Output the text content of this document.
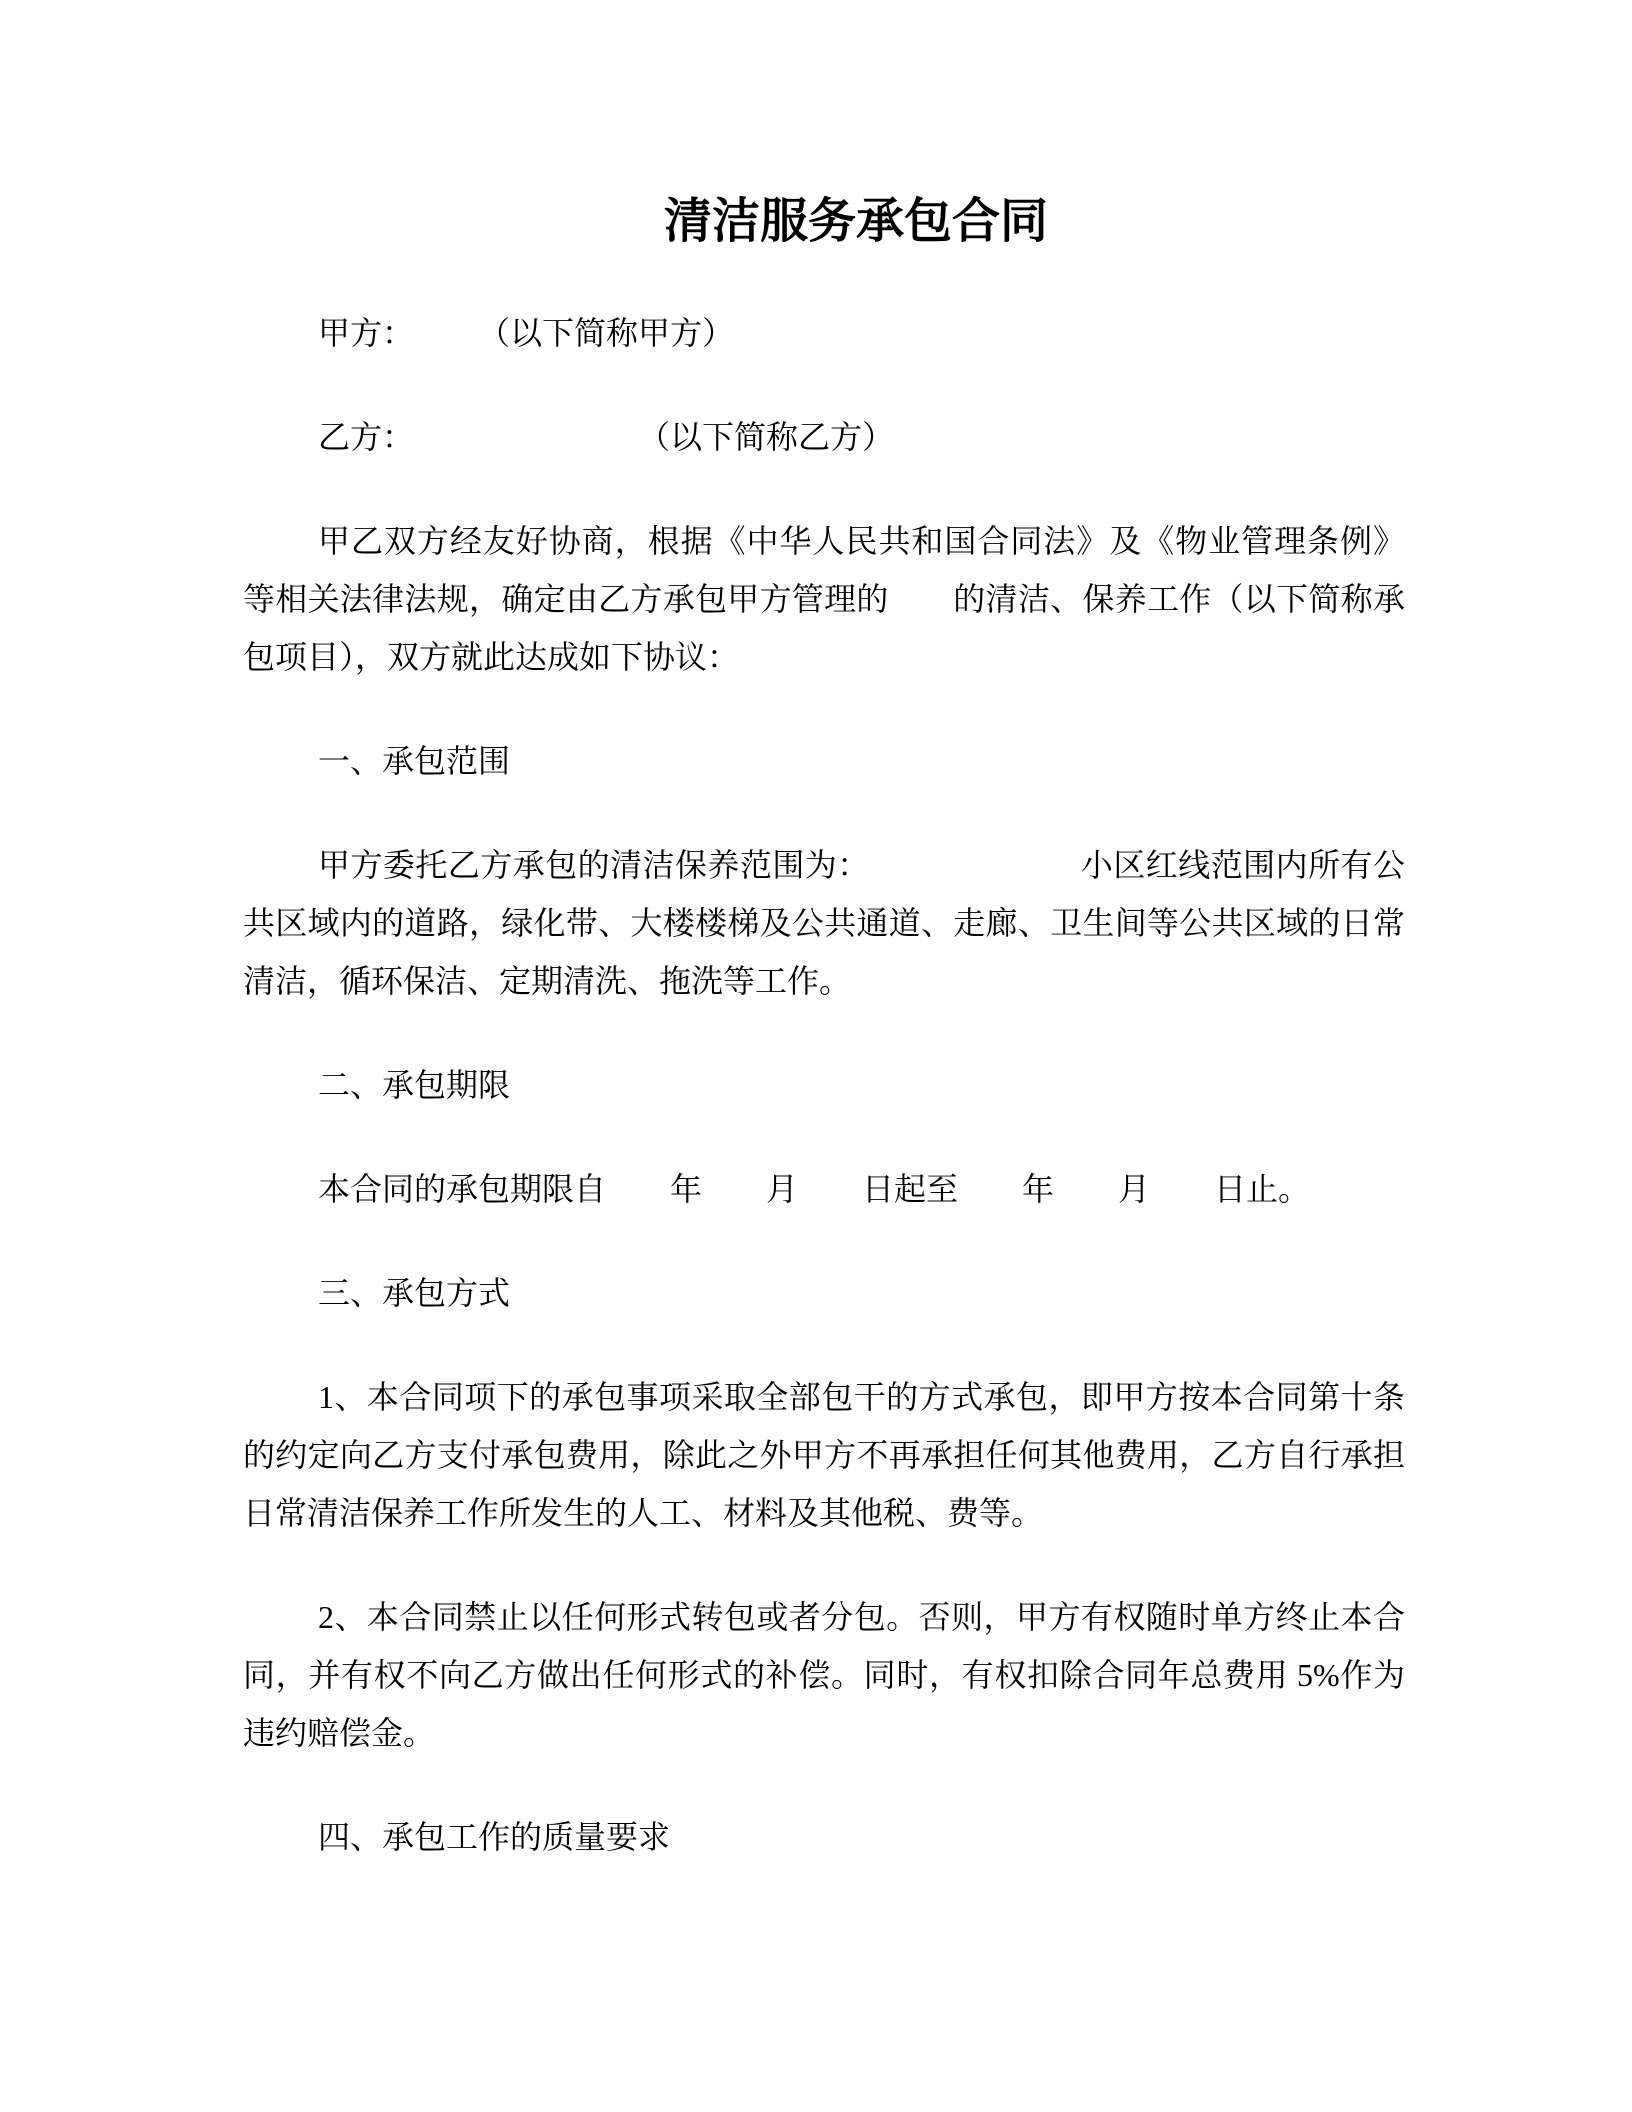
清洁服务承包合同

甲方：　　　（以下简称甲方）

乙方：　　　　　　　　（以下简称乙方）

甲乙双方经友好协商，根据《中华人民共和国合同法》及《物业管理条例》等相关法律法规，确定由乙方承包甲方管理的　　的清洁、保养工作（以下简称承包项目），双方就此达成如下协议：

一、承包范围

甲方委托乙方承包的清洁保养范围为：　　　　　　　小区红线范围内所有公共区域内的道路，绿化带、大楼楼梯及公共通道、走廊、卫生间等公共区域的日常清洁，循环保洁、定期清洗、拖洗等工作。

二、承包期限

本合同的承包期限自　　年　　月　　日起至　　年　　月　　日止。

三、承包方式

1、本合同项下的承包事项采取全部包干的方式承包，即甲方按本合同第十条的约定向乙方支付承包费用，除此之外甲方不再承担任何其他费用，乙方自行承担日常清洁保养工作所发生的人工、材料及其他税、费等。

2、本合同禁止以任何形式转包或者分包。否则，甲方有权随时单方终止本合同，并有权不向乙方做出任何形式的补偿。同时，有权扣除合同年总费用 5%作为违约赔偿金。

四、承包工作的质量要求
